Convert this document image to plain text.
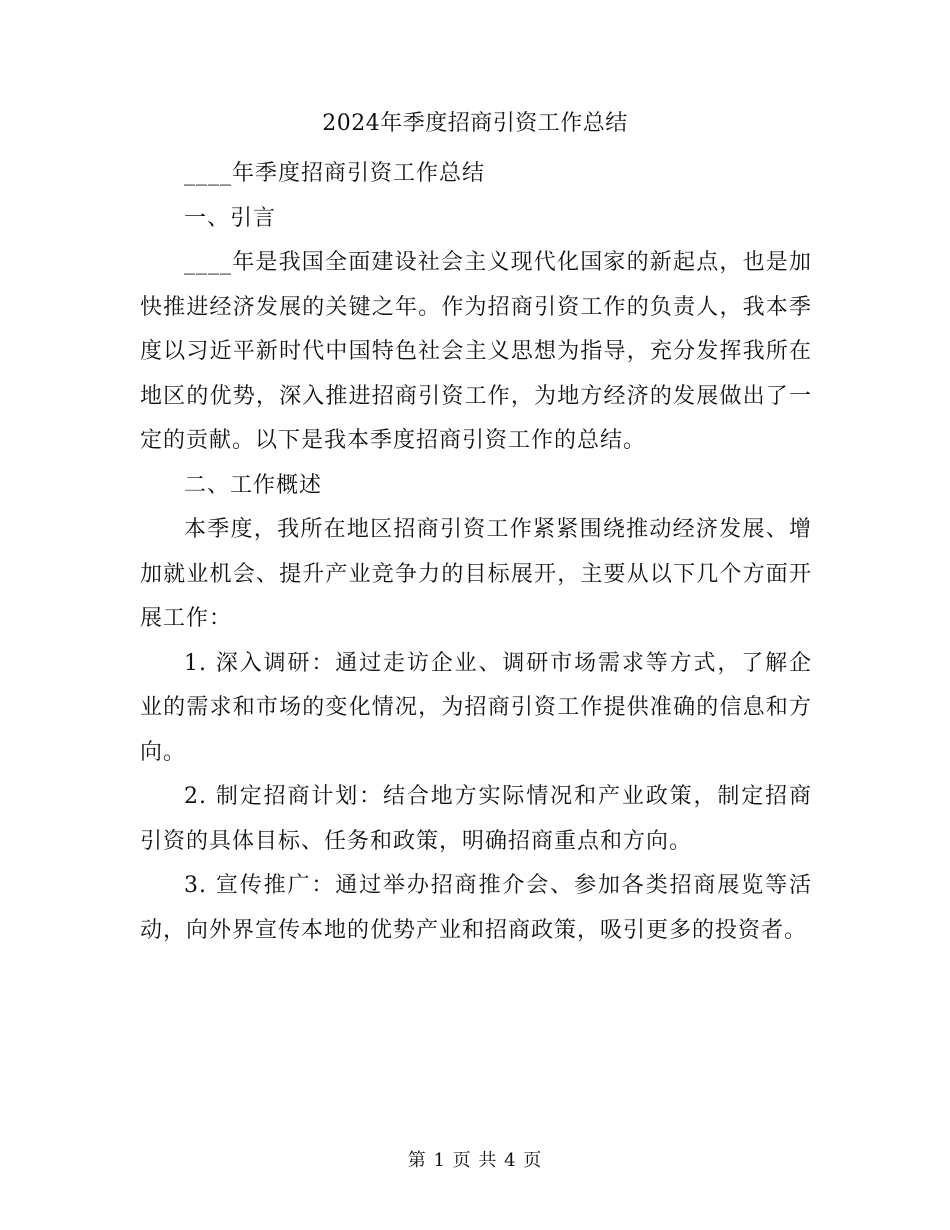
2024年季度招商引资工作总结

____年季度招商引资工作总结

一、引言

____年是我国全面建设社会主义现代化国家的新起点，也是加快推进经济发展的关键之年。作为招商引资工作的负责人，我本季度以习近平新时代中国特色社会主义思想为指导，充分发挥我所在地区的优势，深入推进招商引资工作，为地方经济的发展做出了一定的贡献。以下是我本季度招商引资工作的总结。

二、工作概述

本季度，我所在地区招商引资工作紧紧围绕推动经济发展、增加就业机会、提升产业竞争力的目标展开，主要从以下几个方面开展工作：

1. 深入调研：通过走访企业、调研市场需求等方式，了解企业的需求和市场的变化情况，为招商引资工作提供准确的信息和方向。

2. 制定招商计划：结合地方实际情况和产业政策，制定招商引资的具体目标、任务和政策，明确招商重点和方向。

3. 宣传推广：通过举办招商推介会、参加各类招商展览等活动，向外界宣传本地的优势产业和招商政策，吸引更多的投资者。

第 1 页 共 4 页
